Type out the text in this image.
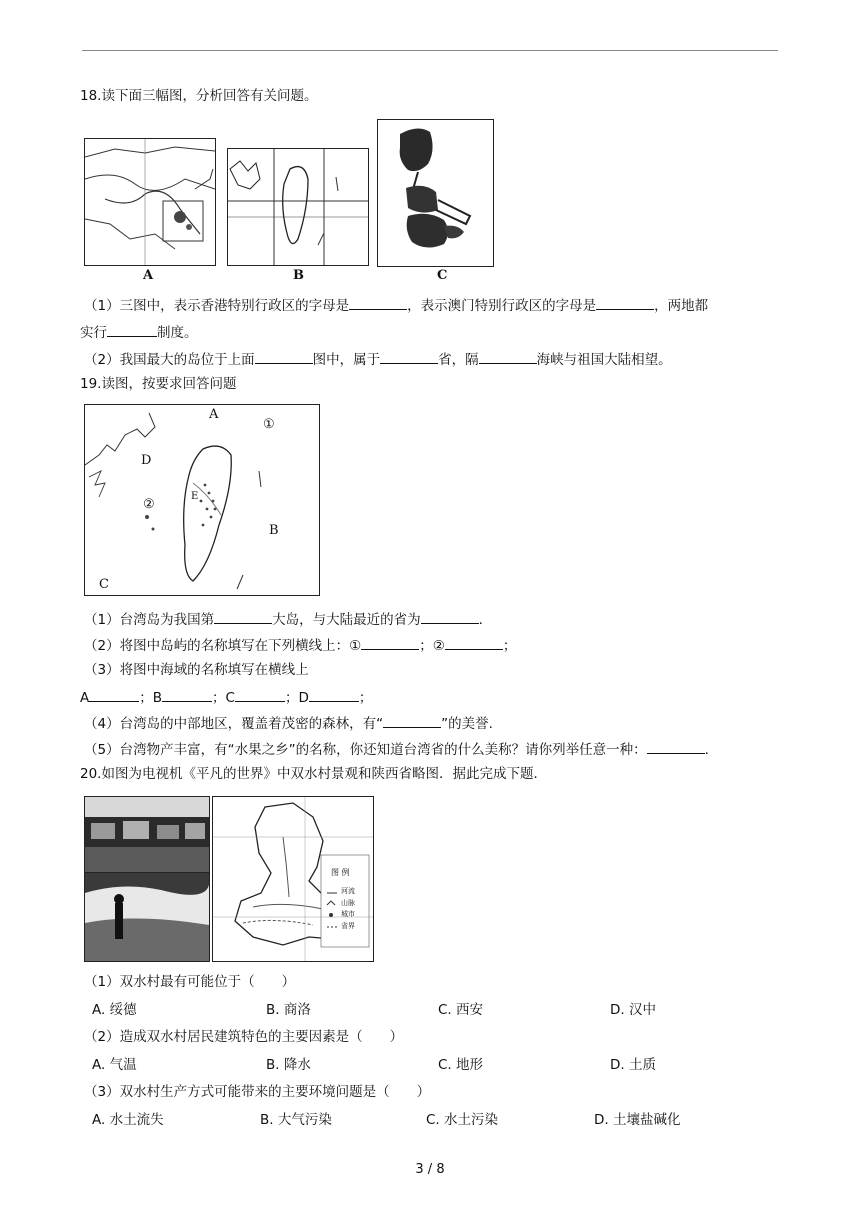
18.读下面三幅图，分析回答有关问题。
A	B	C
（1）三图中，表示香港特别行政区的字母是	，表示澳门特别行政区的字母是	，两地都
实行	制度。
（2）我国最大的岛位于上面	图中，属于	省，隔	海峡与祖国大陆相望。
19.读图，按要求回答问题
A
B
C
D
E
①
②
（1）台湾岛为我国第	大岛，与大陆最近的省为	.
（2）将图中岛屿的名称填写在下列横线上：①	；②	；
（3）将图中海域的名称填写在横线上
A	；B	；C	；D	；
（4）台湾岛的中部地区，覆盖着茂密的森林，有“	”的美誉.
（5）台湾物产丰富，有“水果之乡”的名称，你还知道台湾省的什么美称？请你列举任意一种：	.
20.如图为电视机《平凡的世界》中双水村景观和陕西省略图．据此完成下题．
图 例
河流
山脉
城市
省界
（1）双水村最有可能位于（　　）
A. 绥德	B. 商洛	C. 西安	D. 汉中
（2）造成双水村居民建筑特色的主要因素是（　　）
A. 气温	B. 降水	C. 地形	D. 土质
（3）双水村生产方式可能带来的主要环境问题是（　　）
A. 水土流失	B. 大气污染	C. 水土污染	D. 土壤盐碱化
3 / 8
